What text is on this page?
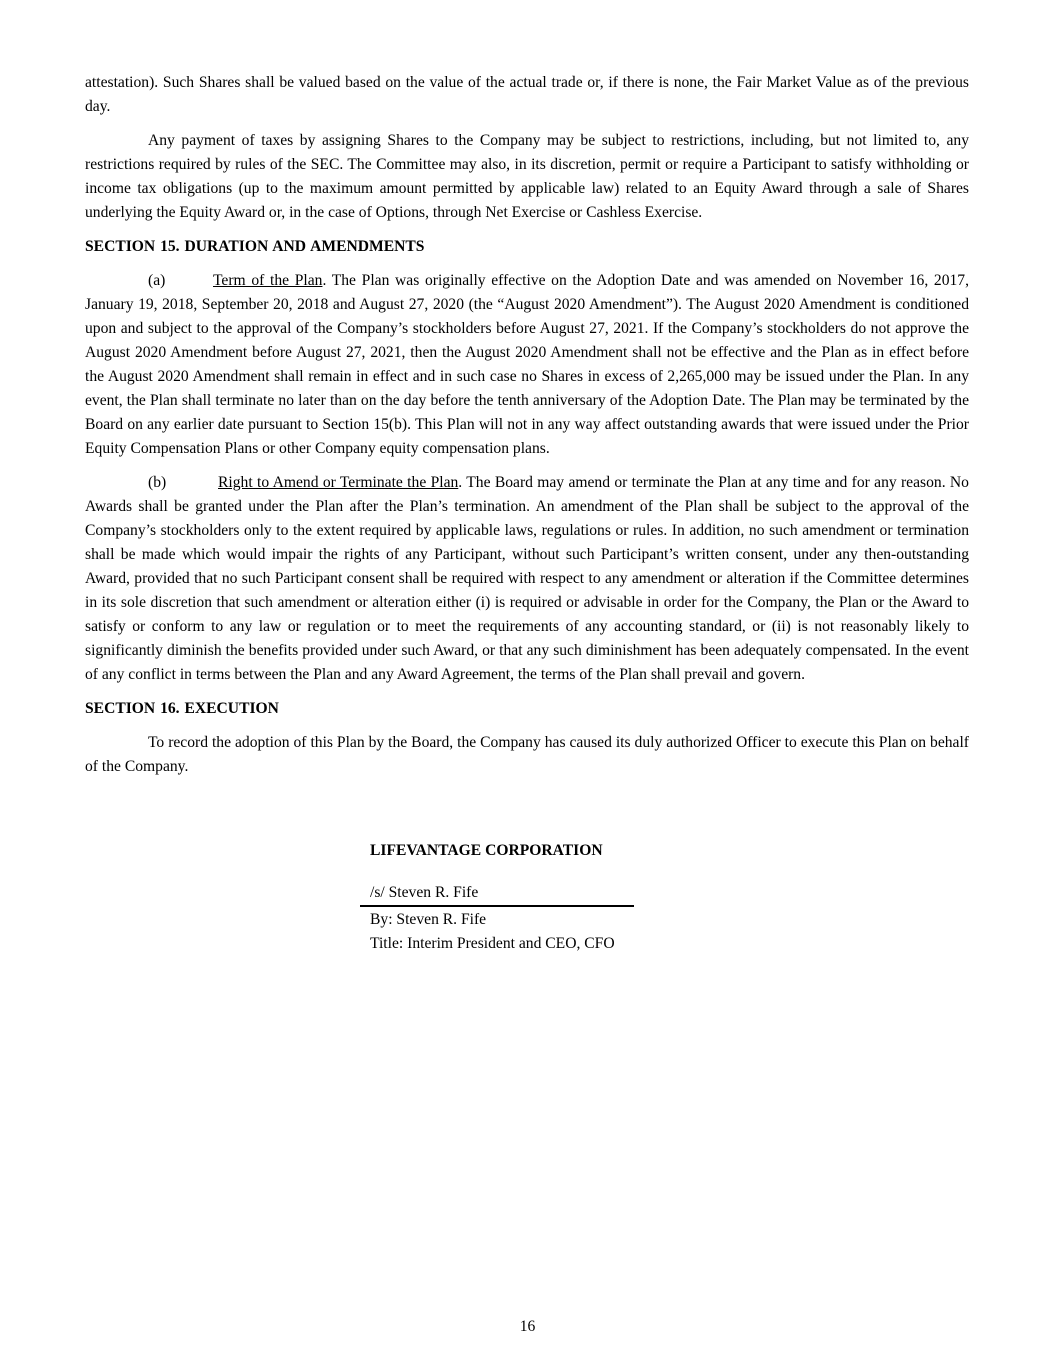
attestation). Such Shares shall be valued based on the value of the actual trade or, if there is none, the Fair Market Value as of the previous day.

Any payment of taxes by assigning Shares to the Company may be subject to restrictions, including, but not limited to, any restrictions required by rules of the SEC. The Committee may also, in its discretion, permit or require a Participant to satisfy withholding or income tax obligations (up to the maximum amount permitted by applicable law) related to an Equity Award through a sale of Shares underlying the Equity Award or, in the case of Options, through Net Exercise or Cashless Exercise.

SECTION 15. DURATION AND AMENDMENTS

(a)	Term of the Plan. The Plan was originally effective on the Adoption Date and was amended on November 16, 2017, January 19, 2018, September 20, 2018 and August 27, 2020 (the “August 2020 Amendment”). The August 2020 Amendment is conditioned upon and subject to the approval of the Company’s stockholders before August 27, 2021. If the Company’s stockholders do not approve the August 2020 Amendment before August 27, 2021, then the August 2020 Amendment shall not be effective and the Plan as in effect before the August 2020 Amendment shall remain in effect and in such case no Shares in excess of 2,265,000 may be issued under the Plan. In any event, the Plan shall terminate no later than on the day before the tenth anniversary of the Adoption Date. The Plan may be terminated by the Board on any earlier date pursuant to Section 15(b). This Plan will not in any way affect outstanding awards that were issued under the Prior Equity Compensation Plans or other Company equity compensation plans.

(b)	Right to Amend or Terminate the Plan. The Board may amend or terminate the Plan at any time and for any reason. No Awards shall be granted under the Plan after the Plan’s termination. An amendment of the Plan shall be subject to the approval of the Company’s stockholders only to the extent required by applicable laws, regulations or rules. In addition, no such amendment or termination shall be made which would impair the rights of any Participant, without such Participant’s written consent, under any then-outstanding Award, provided that no such Participant consent shall be required with respect to any amendment or alteration if the Committee determines in its sole discretion that such amendment or alteration either (i) is required or advisable in order for the Company, the Plan or the Award to satisfy or conform to any law or regulation or to meet the requirements of any accounting standard, or (ii) is not reasonably likely to significantly diminish the benefits provided under such Award, or that any such diminishment has been adequately compensated. In the event of any conflict in terms between the Plan and any Award Agreement, the terms of the Plan shall prevail and govern.

SECTION 16. EXECUTION

To record the adoption of this Plan by the Board, the Company has caused its duly authorized Officer to execute this Plan on behalf of the Company.

LIFEVANTAGE CORPORATION
/s/ Steven R. Fife
By: Steven R. Fife
Title: Interim President and CEO, CFO
16
